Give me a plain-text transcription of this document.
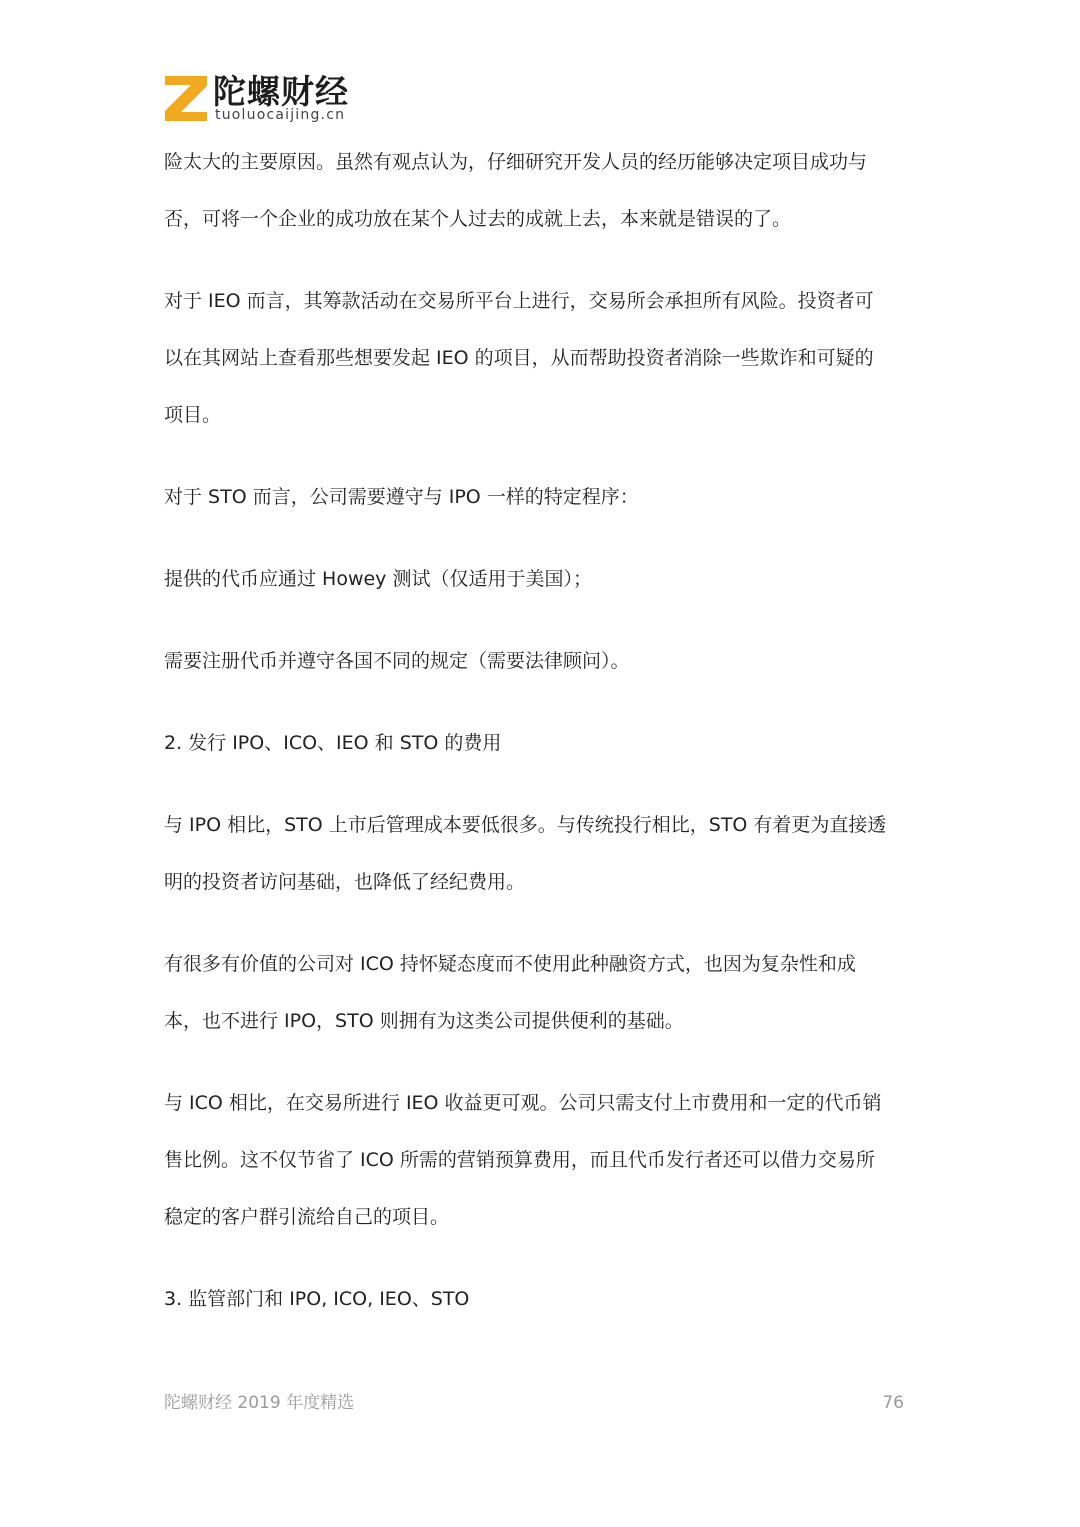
陀螺财经
tuoluocaijing.cn
险太大的主要原因。虽然有观点认为，仔细研究开发人员的经历能够决定项目成功与
否，可将一个企业的成功放在某个人过去的成就上去，本来就是错误的了。
对于 IEO 而言，其筹款活动在交易所平台上进行，交易所会承担所有风险。投资者可
以在其网站上查看那些想要发起 IEO 的项目，从而帮助投资者消除一些欺诈和可疑的
项目。
对于 STO 而言，公司需要遵守与 IPO 一样的特定程序：
提供的代币应通过 Howey 测试（仅适用于美国）；
需要注册代币并遵守各国不同的规定（需要法律顾问）。
2. 发行 IPO、ICO、IEO 和 STO 的费用
与 IPO 相比，STO 上市后管理成本要低很多。与传统投行相比，STO 有着更为直接透
明的投资者访问基础，也降低了经纪费用。
有很多有价值的公司对 ICO 持怀疑态度而不使用此种融资方式，也因为复杂性和成
本，也不进行 IPO，STO 则拥有为这类公司提供便利的基础。
与 ICO 相比，在交易所进行 IEO 收益更可观。公司只需支付上市费用和一定的代币销
售比例。这不仅节省了 ICO 所需的营销预算费用，而且代币发行者还可以借力交易所
稳定的客户群引流给自己的项目。
3. 监管部门和 IPO, ICO, IEO、STO
陀螺财经 2019 年度精选	76
